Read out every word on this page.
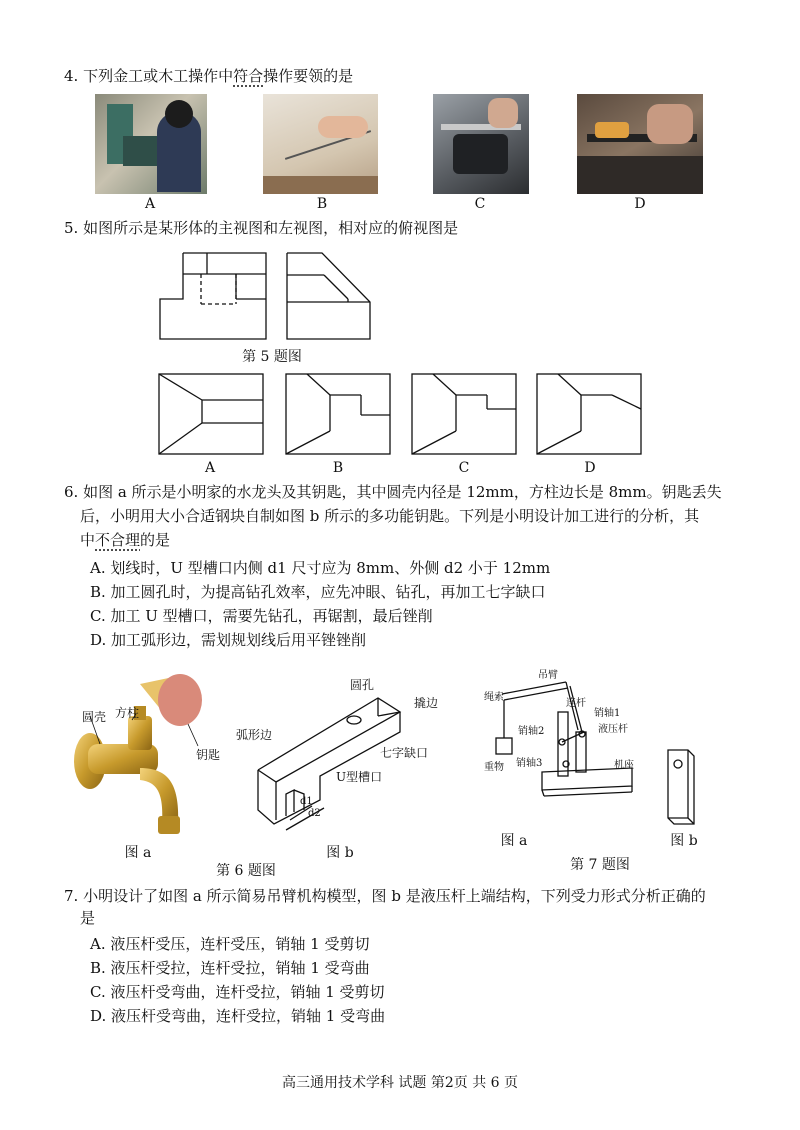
4. 下列金工或木工操作中符合操作要领的是
A	B	C	D
5. 如图所示是某形体的主视图和左视图，相对应的俯视图是
第 5 题图
A	B	C	D
6. 如图 a 所示是小明家的水龙头及其钥匙，其中圆壳内径是 12mm，方柱边长是 8mm。钥匙丢失
后，小明用大小合适钢块自制如图 b 所示的多功能钥匙。下列是小明设计加工进行的分析，其
中不合理的是
A. 划线时，U 型槽口内侧 d1 尺寸应为 8mm、外侧 d2 小于 12mm
B. 加工圆孔时，为提高钻孔效率，应先冲眼、钻孔，再加工七字缺口
C. 加工 U 型槽口，需要先钻孔，再锯割，最后锉削
D. 加工弧形边，需划规划线后用平锉锉削
圆壳 方柱
钥匙
图 a
圆孔
撬边
弧形边
七字缺口
U型槽口
d1
d2
图 b
第 6 题图
吊臂
绳索
连杆
销轴1
销轴2	液压杆
销轴3
重物	机座
图 a	图 b
第 7 题图
7. 小明设计了如图 a 所示简易吊臂机构模型，图 b 是液压杆上端结构，下列受力形式分析正确的
是
A. 液压杆受压，连杆受压，销轴 1 受剪切
B. 液压杆受拉，连杆受拉，销轴 1 受弯曲
C. 液压杆受弯曲，连杆受拉，销轴 1 受剪切
D. 液压杆受弯曲，连杆受拉，销轴 1 受弯曲
高三通用技术学科 试题 第2页 共 6 页
